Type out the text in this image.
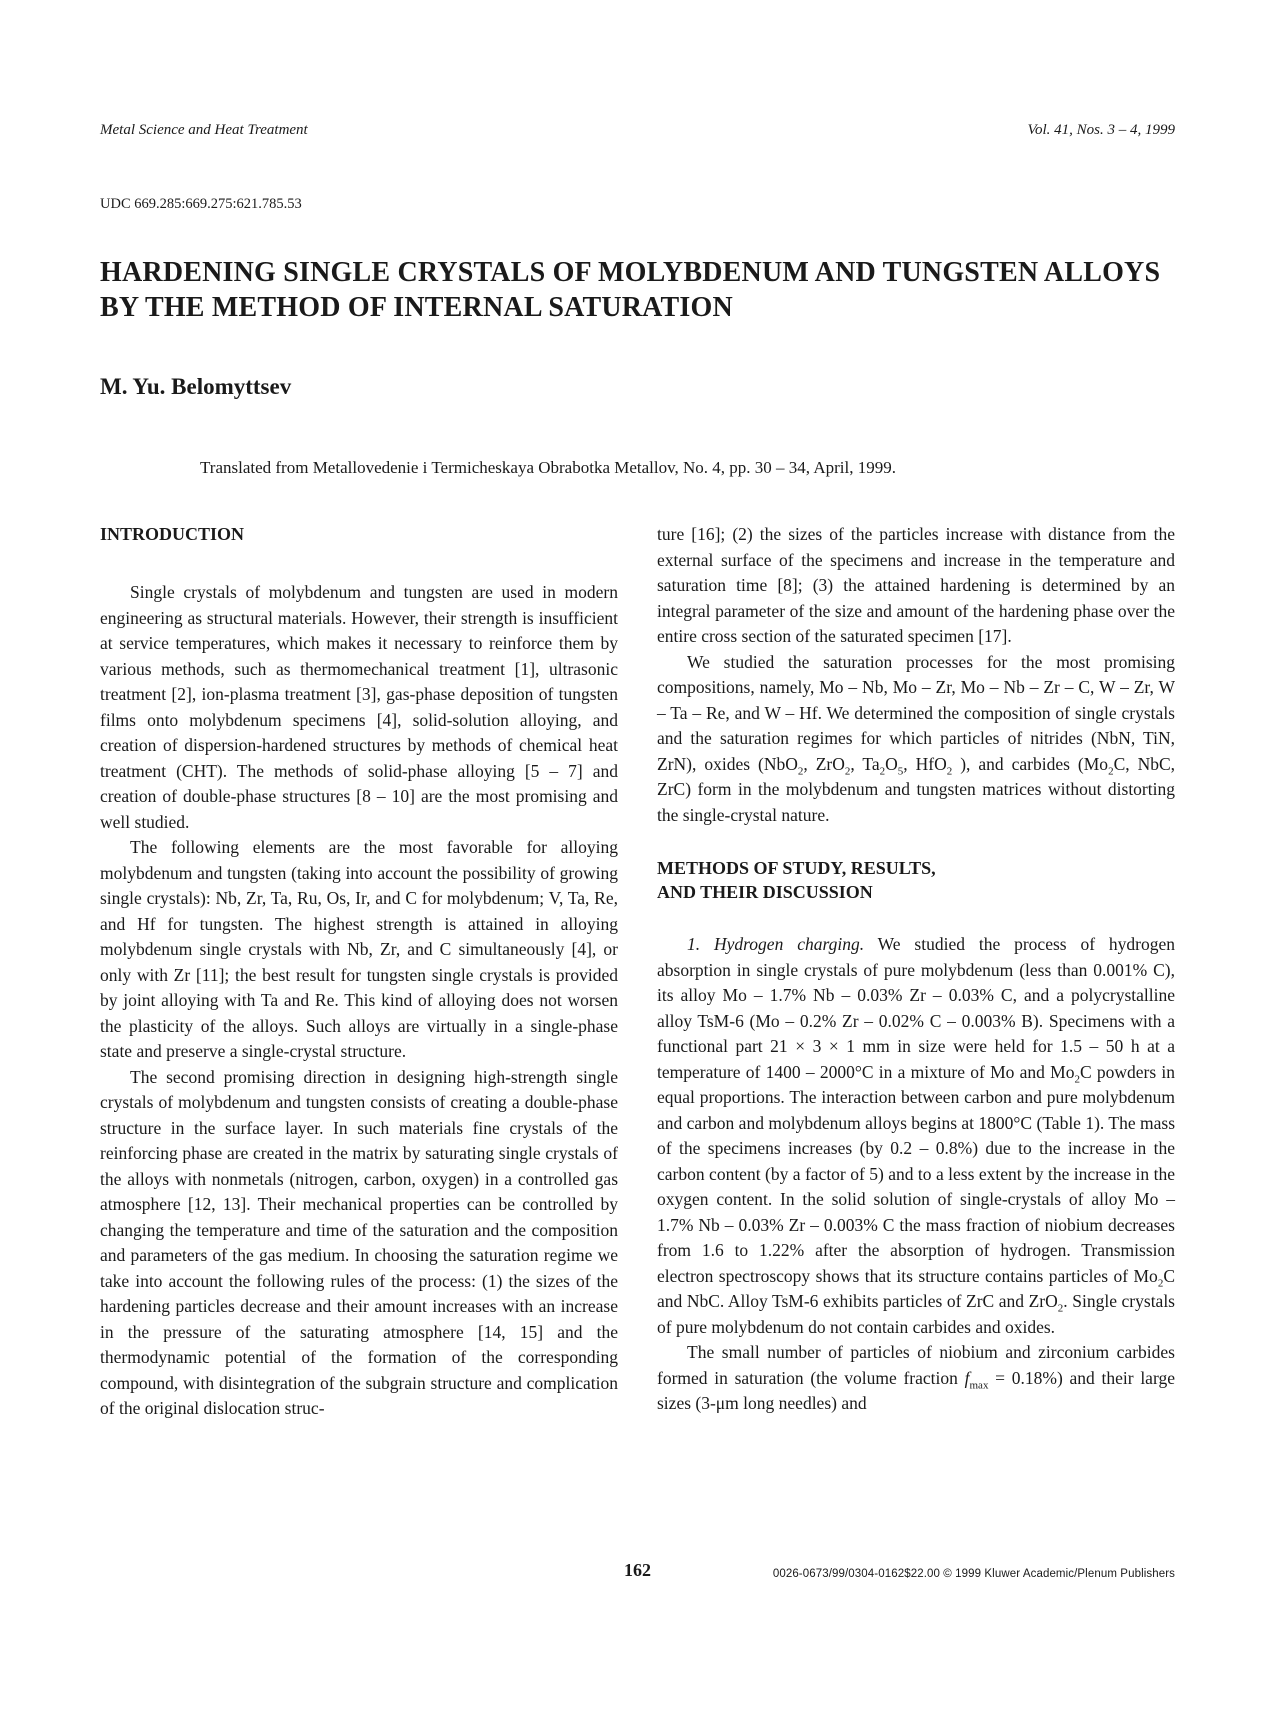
Metal Science and Heat Treatment	Vol. 41, Nos. 3 – 4, 1999
UDC 669.285:669.275:621.785.53
HARDENING SINGLE CRYSTALS OF MOLYBDENUM AND TUNGSTEN ALLOYS BY THE METHOD OF INTERNAL SATURATION
M. Yu. Belomyttsev
Translated from Metallovedenie i Termicheskaya Obrabotka Metallov, No. 4, pp. 30 – 34, April, 1999.
INTRODUCTION

Single crystals of molybdenum and tungsten are used in modern engineering as structural materials. However, their strength is insufficient at service temperatures, which makes it necessary to reinforce them by various methods, such as thermomechanical treatment [1], ultrasonic treatment [2], ion-plasma treatment [3], gas-phase deposition of tungsten films onto molybdenum specimens [4], solid-solution alloying, and creation of dispersion-hardened structures by methods of chemical heat treatment (CHT). The methods of solid-phase alloying [5 – 7] and creation of double-phase structures [8 – 10] are the most promising and well studied.

The following elements are the most favorable for alloying molybdenum and tungsten (taking into account the possibility of growing single crystals): Nb, Zr, Ta, Ru, Os, Ir, and C for molybdenum; V, Ta, Re, and Hf for tungsten. The highest strength is attained in alloying molybdenum single crystals with Nb, Zr, and C simultaneously [4], or only with Zr [11]; the best result for tungsten single crystals is provided by joint alloying with Ta and Re. This kind of alloying does not worsen the plasticity of the alloys. Such alloys are virtually in a single-phase state and preserve a single-crystal structure.

The second promising direction in designing high-strength single crystals of molybdenum and tungsten consists of creating a double-phase structure in the surface layer. In such materials fine crystals of the reinforcing phase are created in the matrix by saturating single crystals of the alloys with nonmetals (nitrogen, carbon, oxygen) in a controlled gas atmosphere [12, 13]. Their mechanical properties can be controlled by changing the temperature and time of the saturation and the composition and parameters of the gas medium. In choosing the saturation regime we take into account the following rules of the process: (1) the sizes of the hardening particles decrease and their amount increases with an increase in the pressure of the saturating atmosphere [14, 15] and the thermodynamic potential of the formation of the corresponding compound, with disintegration of the subgrain structure and complication of the original dislocation struc-

ture [16]; (2) the sizes of the particles increase with distance from the external surface of the specimens and increase in the temperature and saturation time [8]; (3) the attained hardening is determined by an integral parameter of the size and amount of the hardening phase over the entire cross section of the saturated specimen [17].

We studied the saturation processes for the most promising compositions, namely, Mo – Nb, Mo – Zr, Mo – Nb – Zr – C, W – Zr, W – Ta – Re, and W – Hf. We determined the composition of single crystals and the saturation regimes for which particles of nitrides (NbN, TiN, ZrN), oxides (NbO$_2$, ZrO$_2$, $Ta_2O_5$, HfO$_2$ ), and carbides ($Mo_2C$, NbC, ZrC) form in the molybdenum and tungsten matrices without distorting the single-crystal nature.

METHODS OF STUDY, RESULTS,
AND THEIR DISCUSSION

1. Hydrogen charging. We studied the process of hydrogen absorption in single crystals of pure molybdenum (less than 0.001% C), its alloy Mo – 1.7% Nb – 0.03% Zr – 0.03% C, and a polycrystalline alloy TsM-6 (Mo – 0.2% Zr – 0.02% C – 0.003% B). Specimens with a functional part 21 × 3 × 1 mm in size were held for 1.5 – 50 h at a temperature of 1400 – 2000°C in a mixture of Mo and $Mo_2C$ powders in equal proportions. The interaction between carbon and pure molybdenum and carbon and molybdenum alloys begins at 1800°C (Table 1). The mass of the specimens increases (by 0.2 – 0.8%) due to the increase in the carbon content (by a factor of 5) and to a less extent by the increase in the oxygen content. In the solid solution of single-crystals of alloy Mo – 1.7% Nb – 0.03% Zr – 0.003% C the mass fraction of niobium decreases from 1.6 to 1.22% after the absorption of hydrogen. Transmission electron spectroscopy shows that its structure contains particles of $Mo_2C$ and NbC. Alloy TsM-6 exhibits particles of ZrC and ZrO$_2$. Single crystals of pure molybdenum do not contain carbides and oxides.

The small number of particles of niobium and zirconium carbides formed in saturation (the volume fraction $f_{max} = 0.18\%$) and their large sizes (3-μm long needles) and

162	0026-0673/99/0304-0162$22.00 © 1999 Kluwer Academic/Plenum Publishers
